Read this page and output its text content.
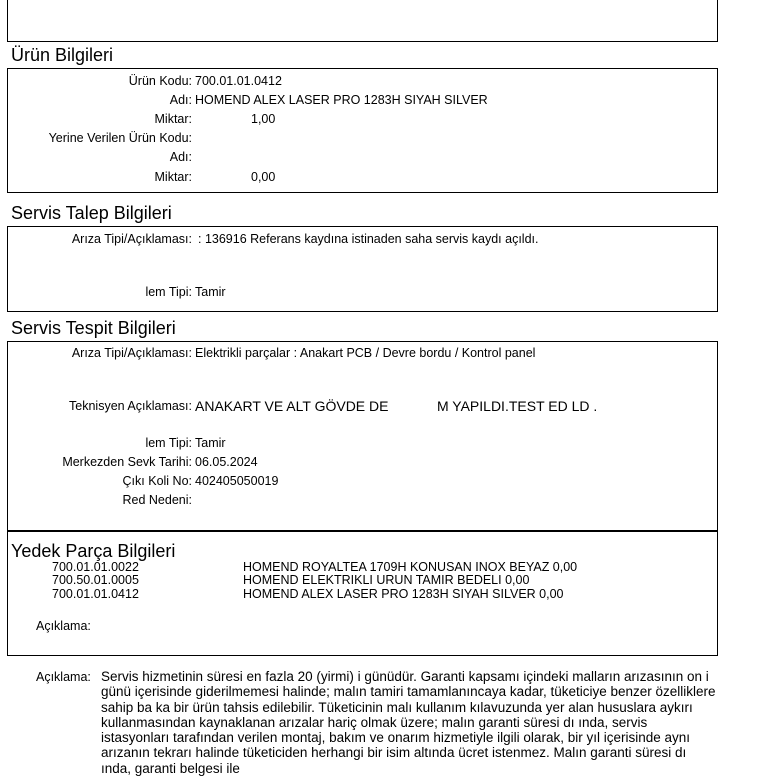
Ürün Bilgileri
Ürün Kodu: 700.01.01.0412
Adı: HOMEND ALEX LASER PRO 1283H SIYAH SILVER
Miktar:	1,00
Yerine Verilen Ürün Kodu:
Adı:
Miktar:	0,00
Servis Talep Bilgileri
Arıza Tipi/Açıklaması: : 136916 Referans kaydına istinaden saha servis kaydı açıldı.
lem Tipi: Tamir
Servis Tespit Bilgileri
Arıza Tipi/Açıklaması: Elektrikli parçalar : Anakart PCB / Devre bordu / Kontrol panel
Teknisyen Açıklaması: ANAKART VE ALT GÖVDE DE	M YAPILDI.TEST ED LD .
lem Tipi: Tamir
Merkezden Sevk Tarihi: 06.05.2024
Çıkı Koli No: 402405050019
Red Nedeni:
Yedek Parça Bilgileri
700.01.01.0022	HOMEND ROYALTEA 1709H KONUSAN INOX BEYAZ 0,00
700.50.01.0005	HOMEND ELEKTRIKLI URUN TAMIR BEDELI 0,00
700.01.01.0412	HOMEND ALEX LASER PRO 1283H SIYAH SILVER 0,00
Açıklama:
Açıklama: Servis hizmetinin süresi en fazla 20 (yirmi) i günüdür. Garanti kapsamı içindeki malların arızasının on i günü içerisinde giderilmemesi halinde; malın tamiri tamamlanıncaya kadar, tüketiciye benzer özelliklere sahip ba ka bir ürün tahsis edilebilir. Tüketicinin malı kullanım kılavuzunda yer alan hususlara aykırı kullanmasından kaynaklanan arızalar hariç olmak üzere; malın garanti süresi dı ında, servis istasyonları tarafından verilen montaj, bakım ve onarım hizmetiyle ilgili olarak, bir yıl içerisinde aynı arızanın tekrarı halinde tüketiciden herhangi bir isim altında ücret istenmez. Malın garanti süresi dı ında, garanti belgesi ile
